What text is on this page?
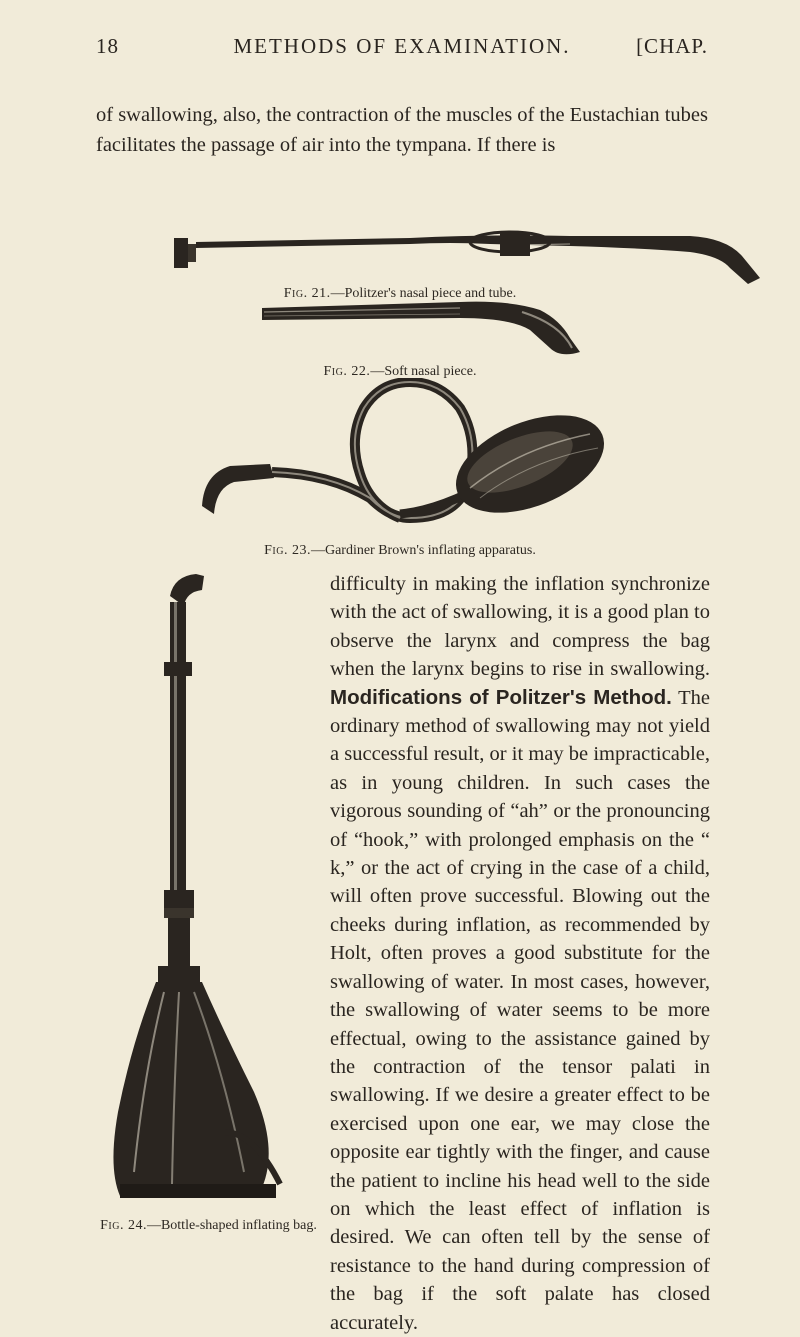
18	METHODS OF EXAMINATION.	[CHAP.
of swallowing, also, the contraction of the muscles of the Eustachian tubes facilitates the passage of air into the tympana. If there is
Fig. 21.—Politzer's nasal piece and tube.
Fig. 22.—Soft nasal piece.
Fig. 23.—Gardiner Brown's inflating apparatus.
Fig. 24.—Bottle-shaped inflating bag.
difficulty in making the inflation synchronize with the act of swallowing, it is a good plan to observe the larynx and compress the bag when the larynx begins to rise in swallowing. Modifications of Politzer's Method. The ordinary method of swallowing may not yield a successful result, or it may be impracticable, as in young children. In such cases the vigorous sounding of “ah” or the pronouncing of “hook,” with prolonged emphasis on the “ k,” or the act of crying in the case of a child, will often prove successful. Blowing out the cheeks during inflation, as recommended by Holt, often proves a good substitute for the swallowing of water. In most cases, however, the swallowing of water seems to be more effectual, owing to the assistance gained by the contraction of the tensor palati in swallowing. If we desire a greater effect to be exercised upon one ear, we may close the opposite ear tightly with the finger, and cause the patient to incline his head well to the side on which the least effect of inflation is desired. We can often tell by the sense of resistance to the hand during compression of the bag if the soft palate has closed accurately.
